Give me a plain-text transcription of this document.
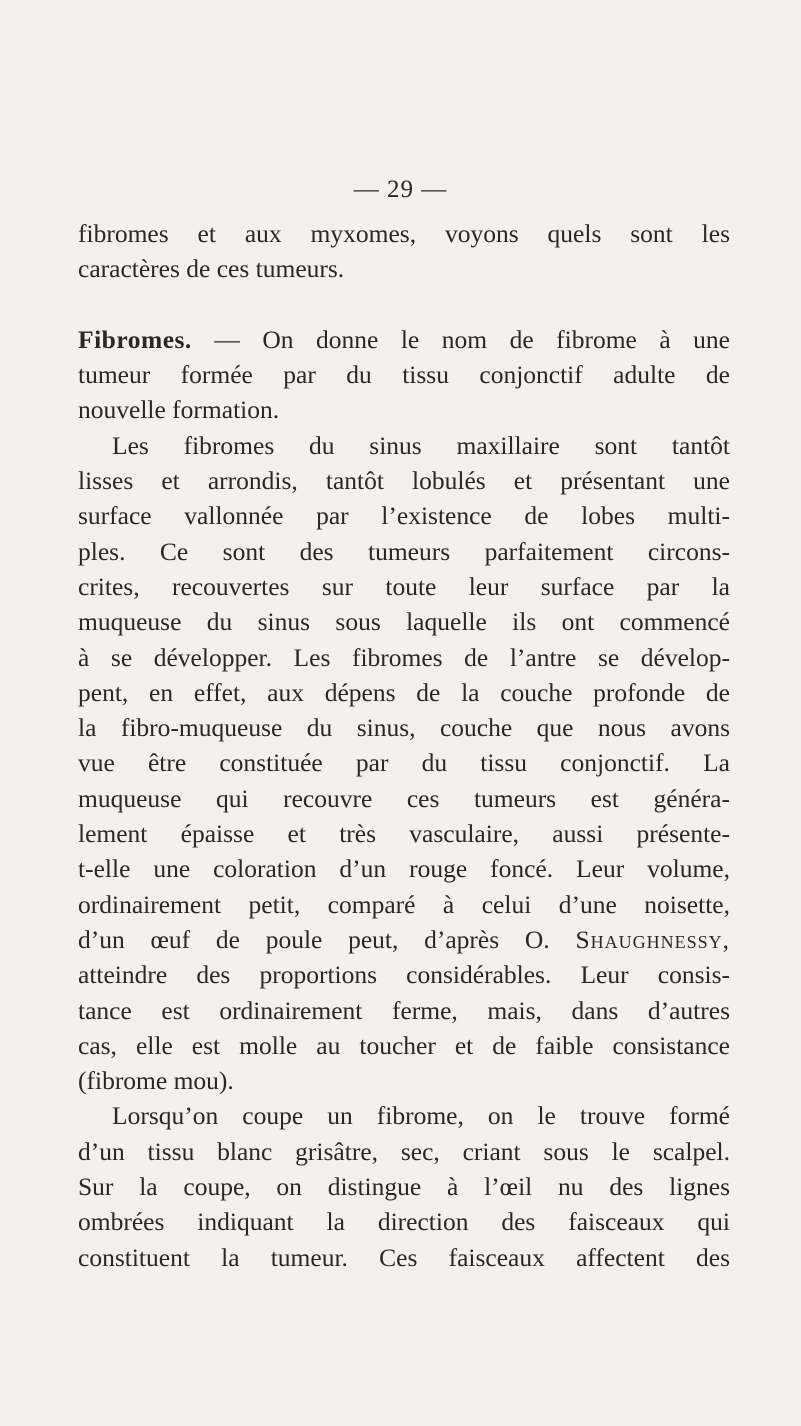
— 29 —
fibromes et aux myxomes, voyons quels sont les
caractères de ces tumeurs.
Fibromes. — On donne le nom de fibrome à une
tumeur formée par du tissu conjonctif adulte de
nouvelle formation.
Les fibromes du sinus maxillaire sont tantôt
lisses et arrondis, tantôt lobulés et présentant une
surface vallonnée par l’existence de lobes multi-
ples. Ce sont des tumeurs parfaitement circons-
crites, recouvertes sur toute leur surface par la
muqueuse du sinus sous laquelle ils ont commencé
à se développer. Les fibromes de l’antre se dévelop-
pent, en effet, aux dépens de la couche profonde de
la fibro-muqueuse du sinus, couche que nous avons
vue être constituée par du tissu conjonctif. La
muqueuse qui recouvre ces tumeurs est généra-
lement épaisse et très vasculaire, aussi présente-
t-elle une coloration d’un rouge foncé. Leur volume,
ordinairement petit, comparé à celui d’une noisette,
d’un œuf de poule peut, d’après O. Shaughnessy,
atteindre des proportions considérables. Leur consis-
tance est ordinairement ferme, mais, dans d’autres
cas, elle est molle au toucher et de faible consistance
(fibrome mou).
Lorsqu’on coupe un fibrome, on le trouve formé
d’un tissu blanc grisâtre, sec, criant sous le scalpel.
Sur la coupe, on distingue à l’œil nu des lignes
ombrées indiquant la direction des faisceaux qui
constituent la tumeur. Ces faisceaux affectent des
